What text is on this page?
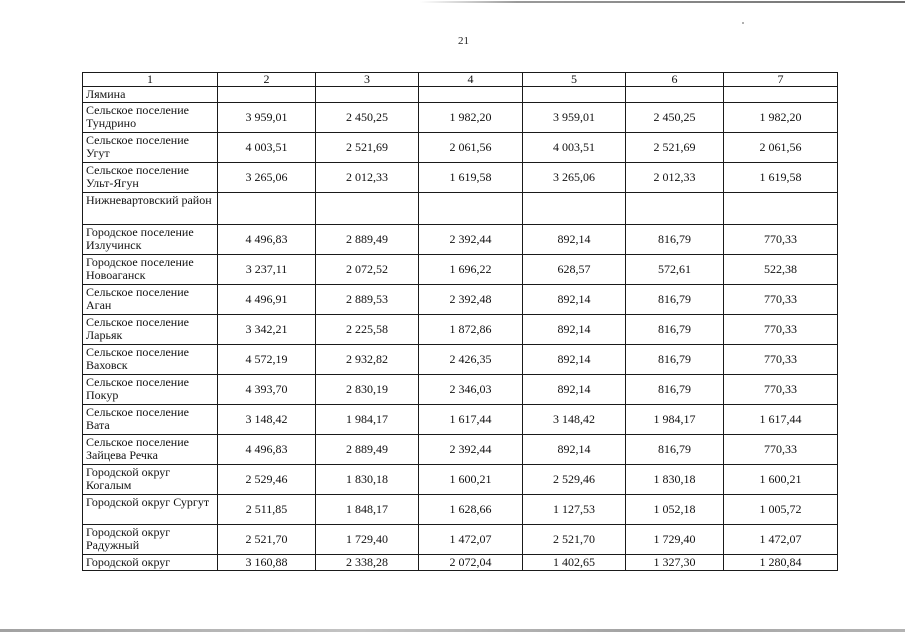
21
1	2	3	4	5	6	7
Лямина						
Сельское поселение Тундрино	3 959,01	2 450,25	1 982,20	3 959,01	2 450,25	1 982,20
Сельское поселение Угут	4 003,51	2 521,69	2 061,56	4 003,51	2 521,69	2 061,56
Сельское поселение Ульт-Ягун	3 265,06	2 012,33	1 619,58	3 265,06	2 012,33	1 619,58
Нижневартовский район						
Городское поселение Излучинск	4 496,83	2 889,49	2 392,44	892,14	816,79	770,33
Городское поселение Новоаганск	3 237,11	2 072,52	1 696,22	628,57	572,61	522,38
Сельское поселение Аган	4 496,91	2 889,53	2 392,48	892,14	816,79	770,33
Сельское поселение Ларьяк	3 342,21	2 225,58	1 872,86	892,14	816,79	770,33
Сельское поселение Ваховск	4 572,19	2 932,82	2 426,35	892,14	816,79	770,33
Сельское поселение Покур	4 393,70	2 830,19	2 346,03	892,14	816,79	770,33
Сельское поселение Вата	3 148,42	1 984,17	1 617,44	3 148,42	1 984,17	1 617,44
Сельское поселение Зайцева Речка	4 496,83	2 889,49	2 392,44	892,14	816,79	770,33
Городской округ Когалым	2 529,46	1 830,18	1 600,21	2 529,46	1 830,18	1 600,21
Городской округ Сургут	2 511,85	1 848,17	1 628,66	1 127,53	1 052,18	1 005,72
Городской округ Радужный	2 521,70	1 729,40	1 472,07	2 521,70	1 729,40	1 472,07
Городской округ	3 160,88	2 338,28	2 072,04	1 402,65	1 327,30	1 280,84
